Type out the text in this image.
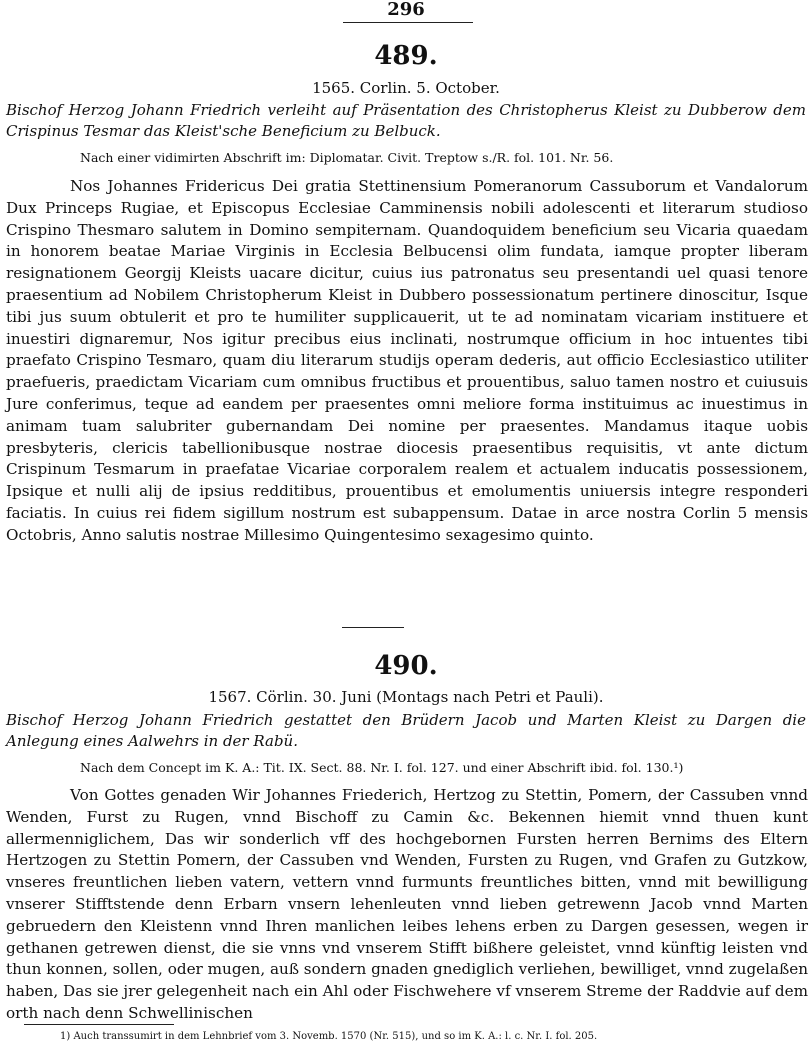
296
489.
1565. Corlin. 5. October.
Bischof Herzog Johann Friedrich verleiht auf Präsentation des Christopherus Kleist zu Dubberow dem Crispinus Tesmar das Kleist'sche Beneficium zu Belbuck.
Nach einer vidimirten Abschrift im: Diplomatar. Civit. Treptow s./R. fol. 101. Nr. 56.

Nos Johannes Fridericus Dei gratia Stettinensium Pomeranorum Cassuborum et Vandalorum Dux Princeps Rugiae, et Episcopus Ecclesiae Camminensis nobili adolescenti et literarum studioso Crispino Thesmaro salutem in Domino sempiternam. Quandoquidem beneficium seu Vicaria quaedam in honorem beatae Mariae Virginis in Ecclesia Belbucensi olim fundata, iamque propter liberam resignationem Georgij Kleists uacare dicitur, cuius ius patronatus seu presentandi uel quasi tenore praesentium ad Nobilem Christopherum Kleist in Dubbero possessionatum pertinere dinoscitur, Isque tibi jus suum obtulerit et pro te humiliter supplicauerit, ut te ad nominatam vicariam instituere et inuestiri dignaremur, Nos igitur precibus eius inclinati, nostrumque officium in hoc intuentes tibi praefato Crispino Tesmaro, quam diu literarum studijs operam dederis, aut officio Ecclesiastico utiliter praefueris, praedictam Vicariam cum omnibus fructibus et prouentibus, saluo tamen nostro et cuiusuis Jure conferimus, teque ad eandem per praesentes omni meliore forma instituimus ac inuestimus in animam tuam salubriter gubernandam Dei nomine per praesentes. Mandamus itaque uobis presbyteris, clericis tabellionibusque nostrae diocesis praesentibus requisitis, vt ante dictum Crispinum Tesmarum in praefatae Vicariae corporalem realem et actualem inducatis possessionem, Ipsique et nulli alij de ipsius redditibus, prouentibus et emolumentis uniuersis integre responderi faciatis. In cuius rei fidem sigillum nostrum est subappensum. Datae in arce nostra Corlin 5 mensis Octobris, Anno salutis nostrae Millesimo Quingentesimo sexagesimo quinto.

490.
1567. Cörlin. 30. Juni (Montags nach Petri et Pauli).
Bischof Herzog Johann Friedrich gestattet den Brüdern Jacob und Marten Kleist zu Dargen die Anlegung eines Aalwehrs in der Rabü.
Nach dem Concept im K. A.: Tit. IX. Sect. 88. Nr. I. fol. 127. und einer Abschrift ibid. fol. 130.¹)

Von Gottes genaden Wir Johannes Friederich, Hertzog zu Stettin, Pomern, der Cassuben vnnd Wenden, Furst zu Rugen, vnnd Bischoff zu Camin &c. Bekennen hiemit vnnd thuen kunt allermenniglichem, Das wir sonderlich vff des hochgebornen Fursten herren Bernims des Eltern Hertzogen zu Stettin Pomern, der Cassuben vnd Wenden, Fursten zu Rugen, vnd Grafen zu Gutzkow, vnseres freuntlichen lieben vatern, vettern vnnd furmunts freuntliches bitten, vnnd mit bewilligung vnserer Stifftstende denn Erbarn vnsern lehenleuten vnnd lieben getrewenn Jacob vnnd Marten gebruedern den Kleistenn vnnd Ihren manlichen leibes lehens erben zu Dargen gesessen, wegen ir gethanen getrewen dienst, die sie vnns vnd vnserem Stifft bißhere geleistet, vnnd künftig leisten vnd thun konnen, sollen, oder mugen, auß sondern gnaden gnediglich verliehen, bewilliget, vnnd zugelaßen haben, Das sie jrer gelegenheit nach ein Ahl oder Fischwehere vf vnserem Streme der Raddvie auf dem orth nach denn Schwellinischen

1) Auch transsumirt in dem Lehnbrief vom 3. Novemb. 1570 (Nr. 515), und so im K. A.: l. c. Nr. I. fol. 205.
